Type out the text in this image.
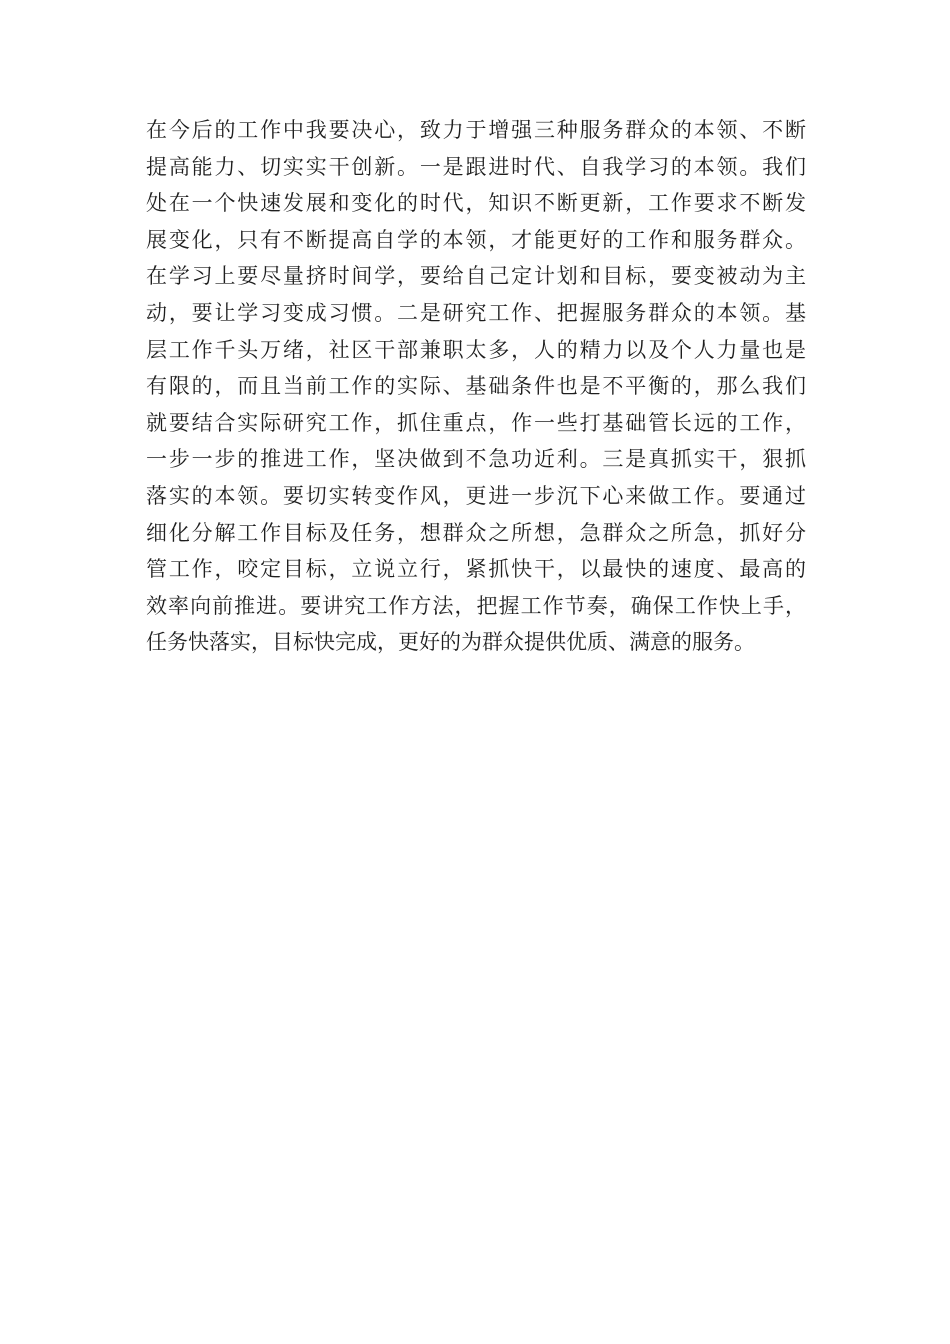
在今后的工作中我要决心，致力于增强三种服务群众的本领、不断
提高能力、切实实干创新。一是跟进时代、自我学习的本领。我们
处在一个快速发展和变化的时代，知识不断更新，工作要求不断发
展变化，只有不断提高自学的本领，才能更好的工作和服务群众。
在学习上要尽量挤时间学，要给自己定计划和目标，要变被动为主
动，要让学习变成习惯。二是研究工作、把握服务群众的本领。基
层工作千头万绪，社区干部兼职太多，人的精力以及个人力量也是
有限的，而且当前工作的实际、基础条件也是不平衡的，那么我们
就要结合实际研究工作，抓住重点，作一些打基础管长远的工作，
一步一步的推进工作，坚决做到不急功近利。三是真抓实干，狠抓
落实的本领。要切实转变作风，更进一步沉下心来做工作。要通过
细化分解工作目标及任务，想群众之所想，急群众之所急，抓好分
管工作，咬定目标，立说立行，紧抓快干，以最快的速度、最高的
效率向前推进。要讲究工作方法，把握工作节奏，确保工作快上手，
任务快落实，目标快完成，更好的为群众提供优质、满意的服务。
